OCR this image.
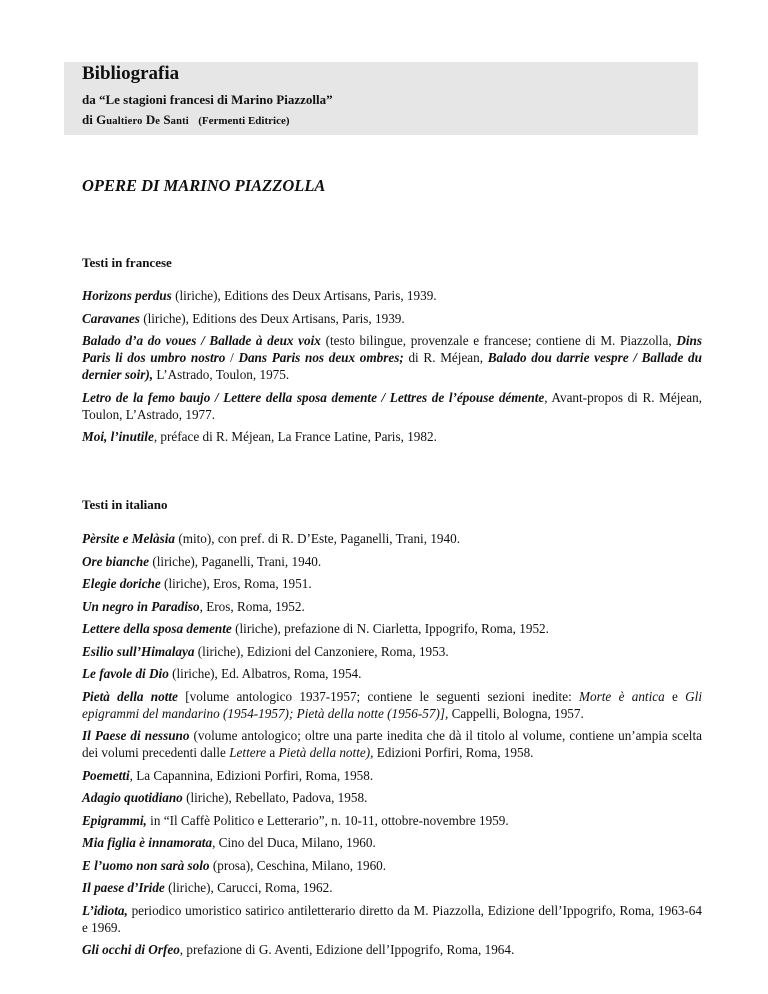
Bibliografia
da “Le stagioni francesi di Marino Piazzolla”
di Gualtiero De Santi (Fermenti Editrice)
OPERE DI MARINO PIAZZOLLA
Testi in francese
Horizons perdus (liriche), Editions des Deux Artisans, Paris, 1939.
Caravanes (liriche), Editions des Deux Artisans, Paris, 1939.
Balado d’a do voues / Ballade à deux voix (testo bilingue, provenzale e francese; contiene di M. Piazzolla, Dins Paris li dos umbro nostro / Dans Paris nos deux ombres; di R. Méjean, Balado dou darrie vespre / Ballade du dernier soir), L’Astrado, Toulon, 1975.
Letro de la femo baujo / Lettere della sposa demente / Lettres de l’épouse démente, Avant-propos di R. Méjean, Toulon, L’Astrado, 1977.
Moi, l’inutile, préface di R. Méjean, La France Latine, Paris, 1982.
Testi in italiano
Pèrsite e Melàsia (mito), con pref. di R. D’Este, Paganelli, Trani, 1940.
Ore bianche (liriche), Paganelli, Trani, 1940.
Elegie doriche (liriche), Eros, Roma, 1951.
Un negro in Paradiso, Eros, Roma, 1952.
Lettere della sposa demente (liriche), prefazione di N. Ciarletta, Ippogrifo, Roma, 1952.
Esilio sull’Himalaya (liriche), Edizioni del Canzoniere, Roma, 1953.
Le favole di Dio (liriche), Ed. Albatros, Roma, 1954.
Pietà della notte [volume antologico 1937-1957; contiene le seguenti sezioni inedite: Morte è antica e Gli epigrammi del mandarino (1954-1957); Pietà della notte (1956-57)], Cappelli, Bologna, 1957.
Il Paese di nessuno (volume antologico; oltre una parte inedita che dà il titolo al volume, contiene un’ampia scelta dei volumi precedenti dalle Lettere a Pietà della notte), Edizioni Porfiri, Roma, 1958.
Poemetti, La Capannina, Edizioni Porfiri, Roma, 1958.
Adagio quotidiano (liriche), Rebellato, Padova, 1958.
Epigrammi, in “Il Caffè Politico e Letterario”, n. 10-11, ottobre-novembre 1959.
Mia figlia è innamorata, Cino del Duca, Milano, 1960.
E l’uomo non sarà solo (prosa), Ceschina, Milano, 1960.
Il paese d’Iride (liriche), Carucci, Roma, 1962.
L’idiota, periodico umoristico satirico antiletterario diretto da M. Piazzolla, Edizione dell’Ippogrifo, Roma, 1963-64 e 1969.
Gli occhi di Orfeo, prefazione di G. Aventi, Edizione dell’Ippogrifo, Roma, 1964.
